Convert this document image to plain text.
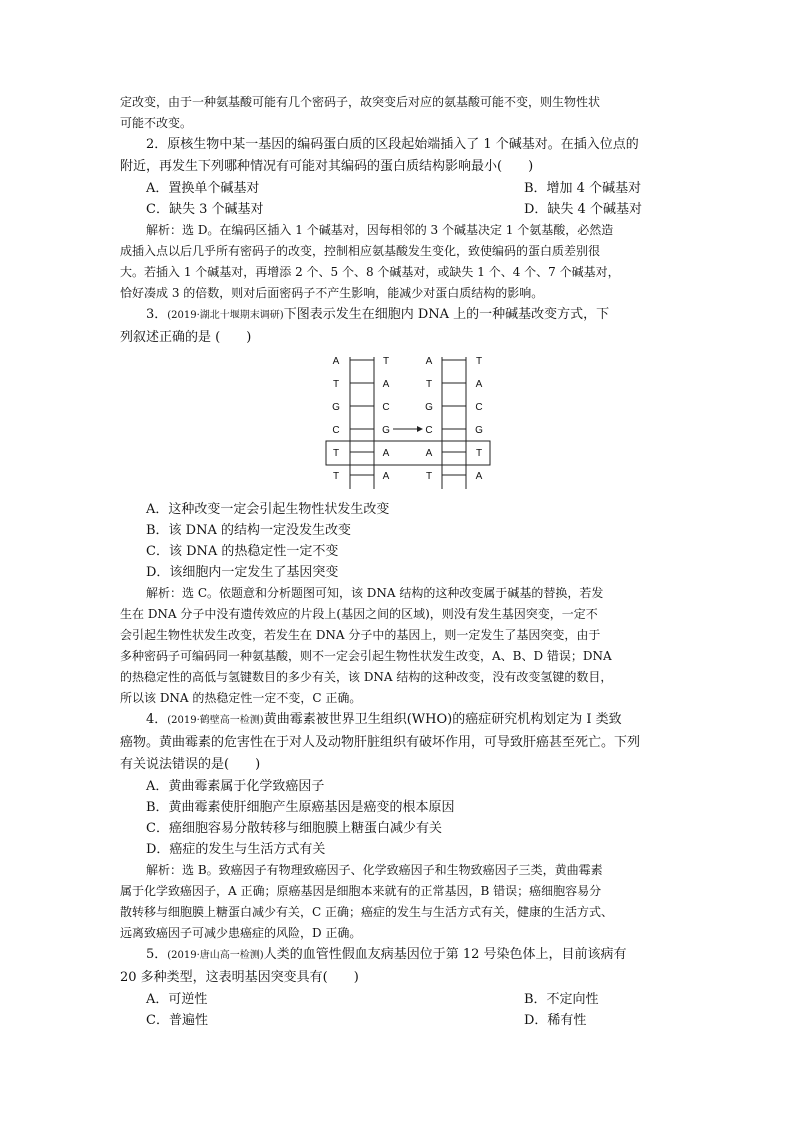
定改变，由于一种氨基酸可能有几个密码子，故突变后对应的氨基酸可能不变，则生物性状

可能不改变。

2．原核生物中某一基因的编码蛋白质的区段起始端插入了 1 个碱基对。在插入位点的

附近，再发生下列哪种情况有可能对其编码的蛋白质结构影响最小(　　)

A．置换单个碱基对	B．增加 4 个碱基对
C．缺失 3 个碱基对	D．缺失 4 个碱基对

解析：选 D。在编码区插入 1 个碱基对，因每相邻的 3 个碱基决定 1 个氨基酸，必然造

成插入点以后几乎所有密码子的改变，控制相应氨基酸发生变化，致使编码的蛋白质差别很

大。若插入 1 个碱基对，再增添 2 个、5 个、8 个碱基对，或缺失 1 个、4 个、7 个碱基对，

恰好凑成 3 的倍数，则对后面密码子不产生影响，能减少对蛋白质结构的影响。

3．(2019·湖北十堰期末调研)下图表示发生在细胞内 DNA 上的一种碱基改变方式，下

列叙述正确的是 (　　)

A
T
G
C
T
T
T
A
C
G
A
A
A
T
G
C
A
T
T
A
C
G
T
A

A．这种改变一定会引起生物性状发生改变

B．该 DNA 的结构一定没发生改变

C．该 DNA 的热稳定性一定不变

D．该细胞内一定发生了基因突变

解析：选 C。依题意和分析题图可知，该 DNA 结构的这种改变属于碱基的替换，若发

生在 DNA 分子中没有遗传效应的片段上(基因之间的区域)，则没有发生基因突变，一定不

会引起生物性状发生改变，若发生在 DNA 分子中的基因上，则一定发生了基因突变，由于

多种密码子可编码同一种氨基酸，则不一定会引起生物性状发生改变，A、B、D 错误；DNA

的热稳定性的高低与氢键数目的多少有关，该 DNA 结构的这种改变，没有改变氢键的数目，

所以该 DNA 的热稳定性一定不变，C 正确。

4．(2019·鹤壁高一检测)黄曲霉素被世界卫生组织(WHO)的癌症研究机构划定为 I 类致

癌物。黄曲霉素的危害性在于对人及动物肝脏组织有破坏作用，可导致肝癌甚至死亡。下列

有关说法错误的是(　　)

A．黄曲霉素属于化学致癌因子

B．黄曲霉素使肝细胞产生原癌基因是癌变的根本原因

C．癌细胞容易分散转移与细胞膜上糖蛋白减少有关

D．癌症的发生与生活方式有关

解析：选 B。致癌因子有物理致癌因子、化学致癌因子和生物致癌因子三类，黄曲霉素

属于化学致癌因子，A 正确；原癌基因是细胞本来就有的正常基因，B 错误；癌细胞容易分

散转移与细胞膜上糖蛋白减少有关，C 正确；癌症的发生与生活方式有关，健康的生活方式、

远离致癌因子可减少患癌症的风险，D 正确。

5．(2019·唐山高一检测)人类的血管性假血友病基因位于第 12 号染色体上，目前该病有

20 多种类型，这表明基因突变具有(　　)

A．可逆性	B．不定向性
C．普遍性	D．稀有性
